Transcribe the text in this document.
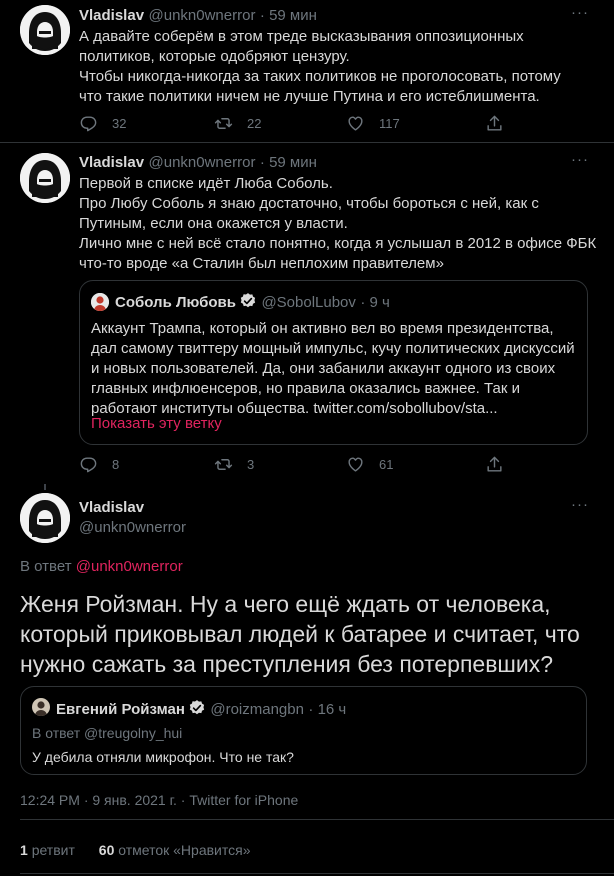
Vladislav @unkn0wnerror · 59 мин	···
А давайте соберём в этом треде высказывания оппозиционных
политиков, которые одобряют цензуру.
Чтобы никогда-никогда за таких политиков не проголосовать, потому
что такие политики ничем не лучше Путина и его истеблишмента.
32	22	117
Vladislav @unkn0wnerror · 59 мин	···
Первой в списке идёт Люба Соболь.
Про Любу Соболь я знаю достаточно, чтобы бороться с ней, как с
Путиным, если она окажется у власти.
Лично мне с ней всё стало понятно, когда я услышал в 2012 в офисе ФБК
что-то вроде «а Сталин был неплохим правителем»
Соболь Любовь @SobolLubov · 9 ч
Аккаунт Трампа, который он активно вел во время президентства,
дал самому твиттеру мощный импульс, кучу политических дискуссий
и новых пользователей. Да, они забанили аккаунт одного из своих
главных инфлюенсеров, но правила оказались важнее. Так и
работают институты общества. twitter.com/sobollubov/sta...
Показать эту ветку
8	3	61
Vladislav
@unkn0wnerror
···
В ответ @unkn0wnerror
Женя Ройзман. Ну а чего ещё ждать от человека,
который приковывал людей к батарее и считает, что
нужно сажать за преступления без потерпевших?
Евгений Ройзман @roizmangbn · 16 ч
В ответ @treugolny_hui
У дебила отняли микрофон. Что не так?
12:24 PM · 9 янв. 2021 г. · Twitter for iPhone
1 ретвит 60 отметок «Нравится»
